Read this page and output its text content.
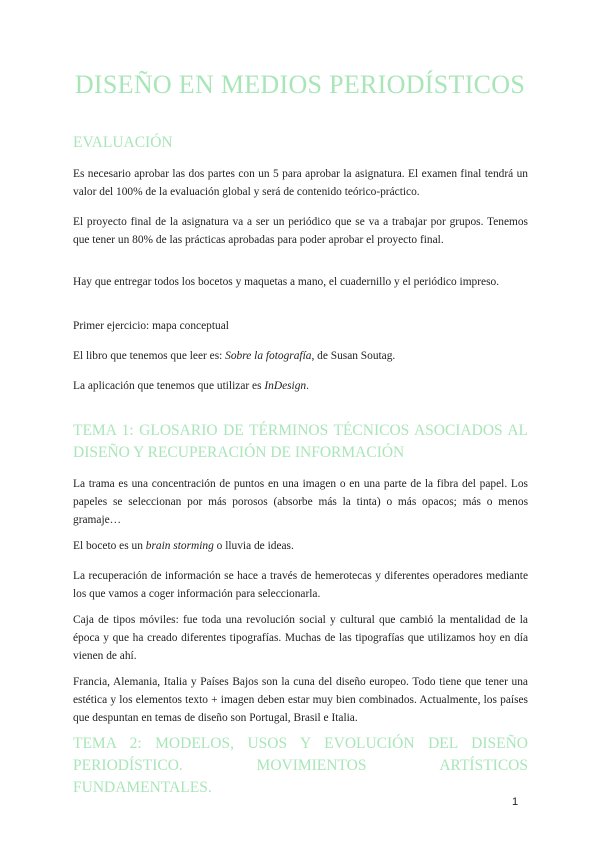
DISEÑO EN MEDIOS PERIODÍSTICOS
EVALUACIÓN

Es necesario aprobar las dos partes con un 5 para aprobar la asignatura. El examen final tendrá un valor del 100% de la evaluación global y será de contenido teórico-práctico.

El proyecto final de la asignatura va a ser un periódico que se va a trabajar por grupos. Tenemos que tener un 80% de las prácticas aprobadas para poder aprobar el proyecto final.

Hay que entregar todos los bocetos y maquetas a mano, el cuadernillo y el periódico impreso.

Primer ejercicio: mapa conceptual

El libro que tenemos que leer es: Sobre la fotografía, de Susan Soutag.

La aplicación que tenemos que utilizar es InDesign.

TEMA 1: GLOSARIO DE TÉRMINOS TÉCNICOS ASOCIADOS AL DISEÑO Y RECUPERACIÓN DE INFORMACIÓN

La trama es una concentración de puntos en una imagen o en una parte de la fibra del papel. Los papeles se seleccionan por más porosos (absorbe más la tinta) o más opacos; más o menos gramaje…

El boceto es un brain storming o lluvia de ideas.

La recuperación de información se hace a través de hemerotecas y diferentes operadores mediante los que vamos a coger información para seleccionarla.

Caja de tipos móviles: fue toda una revolución social y cultural que cambió la mentalidad de la época y que ha creado diferentes tipografías. Muchas de las tipografías que utilizamos hoy en día vienen de ahí.

Francia, Alemania, Italia y Países Bajos son la cuna del diseño europeo. Todo tiene que tener una estética y los elementos texto + imagen deben estar muy bien combinados. Actualmente, los países que despuntan en temas de diseño son Portugal, Brasil e Italia.

TEMA 2: MODELOS, USOS Y EVOLUCIÓN DEL DISEÑO PERIODÍSTICO. MOVIMIENTOS ARTÍSTICOS FUNDAMENTALES.
1
